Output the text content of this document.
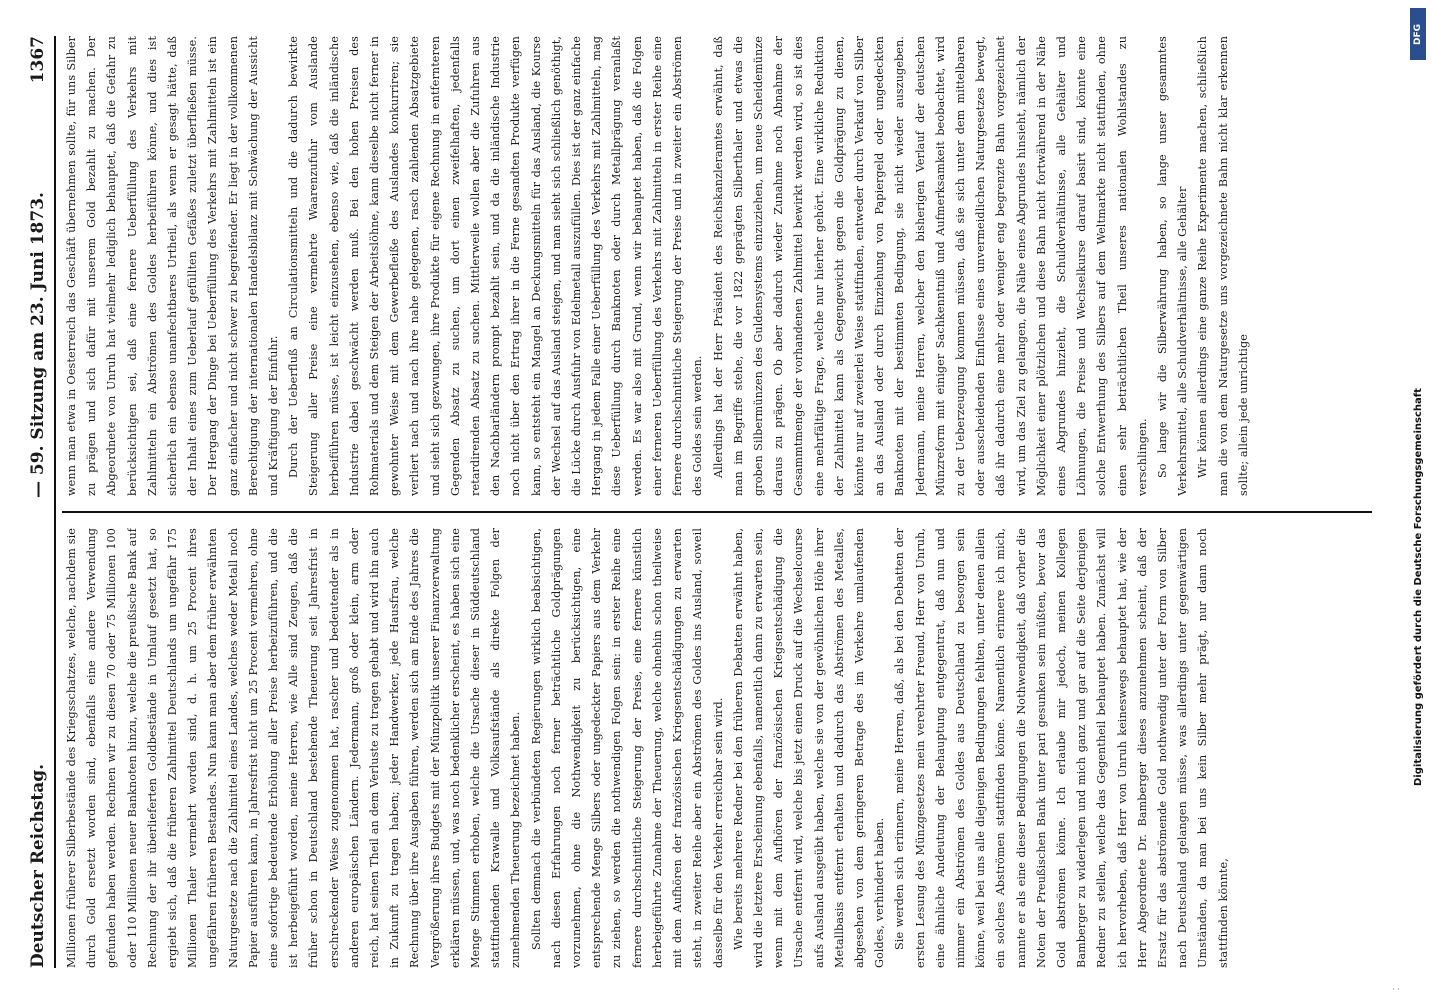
Deutscher Reichstag.
— 59. Sitzung am 23. Juni 1873.
1367

Millionen früherer Silberbestände des Kriegsschatzes, welche, nachdem sie durch Gold ersetzt worden sind, ebenfalls eine andere Verwendung gefunden haben werden. Rechnen wir zu diesen 70 oder 75 Millionen 100 oder 110 Millionen neuer Banknoten hinzu, welche die preußische Bank auf Rechnung der ihr überlieferten Goldbestände in Umlauf gesetzt hat, so ergiebt sich, daß die früheren Zahlmittel Deutschlands um ungefähr 175 Millionen Thaler vermehrt worden sind, d. h. um 25 Procent ihres ungefähren früheren Bestandes. Nun kann man aber dem früher erwähnten Naturgesetze nach die Zahlmittel eines Landes, welches weder Metall noch Papier ausführen kann, in Jahresfrist nicht um 25 Procent vermehren, ohne eine sofortige bedeutende Erhöhung aller Preise herbeizuführen, und die ist herbeigeführt worden, meine Herren, wie Alle sind Zeugen, daß die früher schon in Deutschland bestehende Theuerung seit Jahresfrist in erschreckender Weise zugenommen hat, rascher und bedeutender als in anderen europäischen Ländern. Jedermann, groß oder klein, arm oder reich, hat seinen Theil an dem Verluste zu tragen gehabt und wird ihn auch in Zukunft zu tragen haben; jeder Handwerker, jede Hausfrau, welche Rechnung über ihre Ausgaben führen, werden sich am Ende des Jahres die Vergrößerung ihres Budgets mit der Münzpolitik unserer Finanzverwaltung erklären müssen, und, was noch bedenklicher erscheint, es haben sich eine Menge Stimmen erhoben, welche die Ursache dieser in Süddeutschland stattfindenden Krawalle und Volksaufstände als direkte Folgen der zunehmenden Theuerung bezeichnet haben. Sollten demnach die verbündeten Regierungen wirklich beabsichtigen, nach diesen Erfahrungen noch ferner beträchtliche Goldprägungen vorzunehmen, ohne die Nothwendigkeit zu berücksichtigen, eine entsprechende Menge Silbers oder ungedeckter Papiers aus dem Verkehr zu ziehen, so werden die nothwendigen Folgen sein: in erster Reihe eine fernere durchschnittliche Steigerung der Preise, eine fernere künstlich herbeigeführte Zunahme der Theuerung, welche ohnehin schon theilweise mit dem Aufhören der französischen Kriegsentschädigungen zu erwarten steht, in zweiter Reihe aber ein Abströmen des Goldes ins Ausland, soweil dasselbe für den Verkehr erreichbar sein wird. Wie bereits mehrere Redner bei den früheren Debatten erwähnt haben, wird die letztere Erscheinung ebenfalls, namentlich dann zu erwarten sein, wenn mit dem Aufhören der französischen Kriegsentschädigung die Ursache entfernt wird, welche bis jetzt einen Druck auf die Wechselcourse aufs Ausland ausgeübt haben, welche sie von der gewöhnlichen Höhe ihrer Metallbasis entfernt erhalten und dadurch das Abströmen des Metalles, abgesehen von dem geringeren Betrage des im Verkehre umlaufenden Goldes, verhindert haben. Sie werden sich erinnern, meine Herren, daß, als bei den Debatten der ersten Lesung des Münzgesetzes mein verehrter Freund, Herr von Unruh, eine ähnliche Andeutung der Behauptung entgegentrat, daß nun und nimmer ein Abströmen des Goldes aus Deutschland zu besorgen sein könne, weil bei uns alle diejenigen Bedingungen fehlten, unter denen allein ein solches Abströmen stattfinden könne. Namentlich erinnere ich mich, nannte er als eine dieser Bedingungen die Nothwendigkeit, daß vorher die Noten der Preußischen Bank unter pari gesunken sein müßten, bevor das Gold abströmen könne. Ich erlaube mir jedoch, meinen Kollegen Bamberger zu widerlegen und mich ganz und gar auf die Seite derjenigen Redner zu stellen, welche das Gegentheil behauptet haben. Zunächst will ich hervorheben, daß Herr von Unruh keineswegs behauptet hat, wie der Herr Abgeordnete Dr. Bamberger dieses anzunehmen scheint, daß der Ersatz für das abströmende Gold nothwendig unter der Form von Silber nach Deutschland gelangen müsse, was allerdings unter gegenwärtigen Umständen, da man bei uns kein Silber mehr prägt, nur dann noch stattfinden könnte,

wenn man etwa in Oesterreich das Geschäft übernehmen sollte, für uns Silber zu prägen und sich dafür mit unserem Gold bezahlt zu machen. Der Abgeordnete von Unruh hat vielmehr lediglich behauptet, daß die Gefahr zu berücksichtigen sei, daß eine fernere Ueberfüllung des Verkehrs mit Zahlmitteln ein Abströmen des Goldes herbeiführen könne, und dies ist sicherlich ein ebenso unanfechtbares Urtheil, als wenn er gesagt hätte, daß der Inhalt eines zum Ueberlauf gefüllten Gefäßes zuletzt überfließen müsse. Der Hergang der Dinge bei Ueberfüllung des Verkehrs mit Zahlmitteln ist ein ganz einfacher und nicht schwer zu begreifender. Er liegt in der vollkommenen Berechtigung der internationalen Handelsbilanz mit Schwächung der Aussicht und Kräftigung der Einfuhr. Durch der Ueberfluß an Circulationsmitteln und die dadurch bewirkte Steigerung aller Preise eine vermehrte Waarenzufuhr vom Auslande herbeiführen müsse, ist leicht einzusehen, ebenso wie, daß die inländische Industrie dabei geschwächt werden muß. Bei den hohen Preisen des Rohmaterials und dem Steigen der Arbeitslöhne, kann dieselbe nicht ferner in gewohnter Weise mit dem Gewerbefleiße des Auslandes konkurriren; sie verliert nach und nach ihre nahe gelegenen, rasch zahlenden Absatzgebiete und sieht sich gezwungen, ihre Produkte für eigene Rechnung in entfernteren Gegenden Absatz zu suchen, um dort einen zweifelhaften, jedenfalls retardirenden Absatz zu suchen. Mittlerweile wollen aber die Zufuhren aus den Nachbarländern prompt bezahlt sein, und da die inländische Industrie noch nicht über den Ertrag ihrer in die Ferne gesandten Produkte verfügen kann, so entsteht ein Mangel an Deckungsmitteln für das Ausland, die Kourse der Wechsel auf das Ausland steigen, und man sieht sich schließlich genöthigt, die Lücke durch Ausfuhr von Edelmetall auszufüllen. Dies ist der ganz einfache Hergang in jedem Falle einer Ueberfüllung des Verkehrs mit Zahlmitteln, mag diese Ueberfüllung durch Banknoten oder durch Metallprägung veranlaßt werden. Es war also mit Grund, wenn wir behauptet haben, daß die Folgen einer ferneren Ueberfüllung des Verkehrs mit Zahlmitteln in erster Reihe eine fernere durchschnittliche Steigerung der Preise und in zweiter ein Abströmen des Goldes sein werden. Allerdings hat der Herr Präsident des Reichskanzleramtes erwähnt, daß man im Begriffe stehe, die vor 1822 geprägten Silberthaler und etwas die groben Silbermünzen des Guldensystems einzuziehen, um neue Scheidemünze daraus zu prägen. Ob aber dadurch wieder Zunahme noch Abnahme der Gesammtmenge der vorhandenen Zahlmittel bewirkt werden wird, so ist dies eine mehrfältige Frage, welche nur hierher gehört. Eine wirkliche Reduktion der Zahlmittel kann als Gegengewicht gegen die Goldprägung zu dienen, könnte nur auf zweierlei Weise stattfinden, entweder durch Verkauf von Silber an das Ausland oder durch Einziehung von Papiergeld oder ungedeckten Banknoten mit der bestimmten Bedingung, sie nicht wieder auszugeben. Jedermann, meine Herren, welcher den bisherigen Verlauf der deutschen Münzreform mit einiger Sachkenntniß und Aufmerksamkeit beobachtet, wird zu der Ueberzeugung kommen müssen, daß sie sich unter dem mittelbaren oder ausscheidenden Einflusse eines unvermeidlichen Naturgesetzes bewegt, daß ihr dadurch eine mehr oder weniger eng begrenzte Bahn vorgezeichnet wird, um das Ziel zu gelangen, die Nähe eines Abgrundes hinsieht, nämlich der Möglichkeit einer plötzlichen und diese Bahn nicht fortwährend in der Nähe eines Abgrundes hinzieht, die Schuldverhältnisse, alle Gehälter und Löhnungen, die Preise und Wechselkurse darauf basirt sind, könnte eine solche Entwerthung des Silbers auf dem Weltmarkte nicht stattfinden, ohne einen sehr beträchtlichen Theil unseres nationalen Wohlstandes zu verschlingen. So lange wir die Silberwährung haben, so lange unser gesammtes Verkehrsmittel, alle Schuldverhältnisse, alle Gehälter Wir können allerdings eine ganze Reihe Experimente machen, schließlich man die von dem Naturgesetze uns vorgezeichnete Bahn nicht klar erkennen sollte; allein jede unrichtige

DFG
Digitalisierung gefördert durch die Deutsche Forschungsgemeinschaft
· ·
